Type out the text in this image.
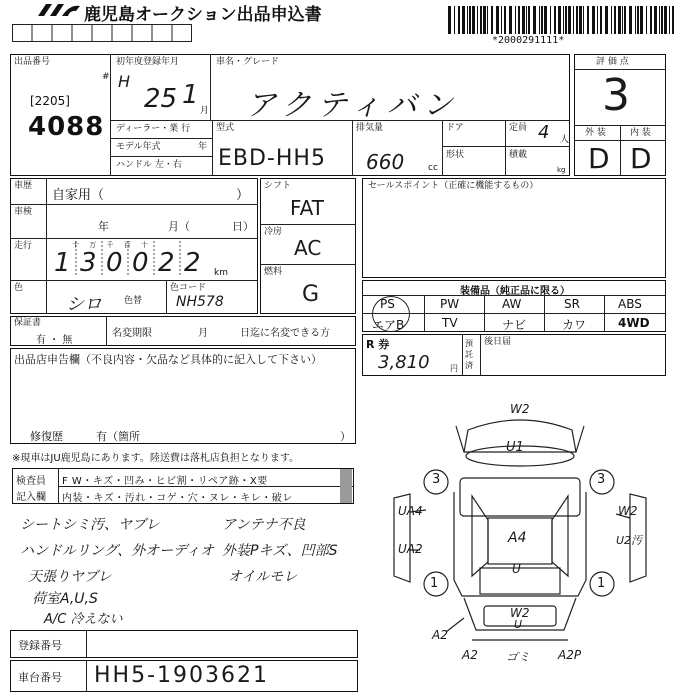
鹿児島オークション出品申込書
*2000291111*
出品番号
#
[2205]
4088
初年度登録年月
H
25 1
月
車名・グレード
アクティバン
ディーラー・業 行
モデル年式	年
ハンドル 左・右
型式
EBD-HH5
排気量
660	cc
ドア
形状
定員 4 人
積載
kg
評 価 点
3
外 装	内 装
D D
車歴
自家用（	）
車検
年	月（	日）
走行	十 万 千 百 十
1 3 0 0 2 2 km
色
シロ 色替
色コード
NH578
シフト
FAT
冷房
AC
燃料
G
セールスポイント（正確に機能するもの）
装備品（純正品に限る）
PS	PW	AW	SR	ABS
エアB	TV	ナビ	カワ	4WD
保証書
有 ・ 無
名変期限	月	日迄に名変できる方
R 券
3,810	円
預託済
後日届
出品店申告欄（不良内容・欠品など具体的に記入して下さい）
修復歴	有（箇所	）
※現車はJU鹿児島にあります。陸送費は落札店負担となります。
検査員
記入欄
F W・キズ・凹み・ヒビ割・リペア跡・X要
内装・キズ・汚れ・コゲ・穴・ヌレ・キレ・破レ
シートシミ汚、ヤブレ	アンテナ不良
ハンドルリング、外オーディオ 外装Pキズ、凹部S
天張りヤブレ	オイルモレ
荷室A,U,S
A/C 冷えない
W2
U1
3	3
UA4
A4
W2
U2汚
UA2
U
1	1
W2
U
A2
A2 ゴミ A2P
登録番号
車台番号 HH5-1903621
